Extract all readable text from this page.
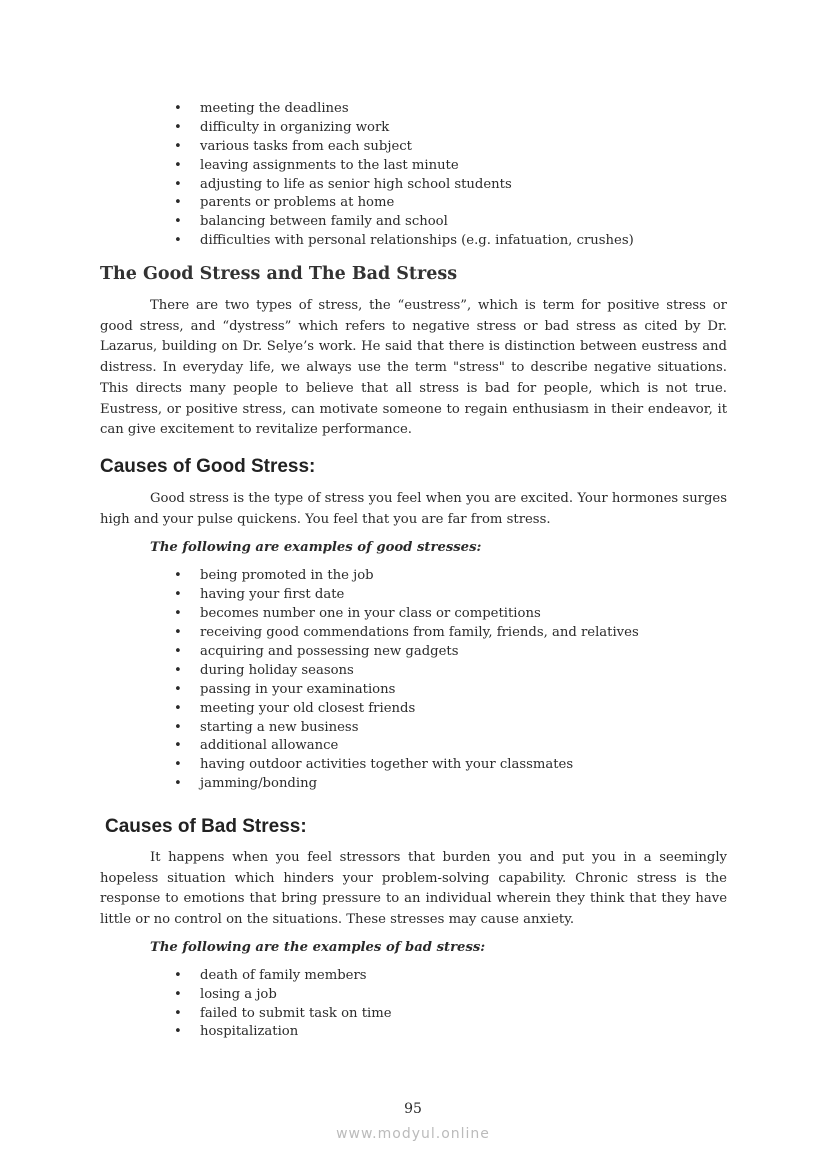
• meeting the deadlines
• difficulty in organizing work
• various tasks from each subject
• leaving assignments to the last minute
• adjusting to life as senior high school students
• parents or problems at home
• balancing between family and school
• difficulties with personal relationships (e.g. infatuation, crushes)
The Good Stress and The Bad Stress

There are two types of stress, the “eustress”, which is term for positive stress or good stress, and “dystress” which refers to negative stress or bad stress as cited by Dr. Lazarus, building on Dr. Selye’s work. He said that there is distinction between eustress and distress. In everyday life, we always use the term "stress" to describe negative situations. This directs many people to believe that all stress is bad for people, which is not true. Eustress, or positive stress, can motivate someone to regain enthusiasm in their endeavor, it can give excitement to revitalize performance.

Causes of Good Stress:

Good stress is the type of stress you feel when you are excited. Your hormones surges high and your pulse quickens. You feel that you are far from stress.

The following are examples of good stresses:
• being promoted in the job
• having your first date
• becomes number one in your class or competitions
• receiving good commendations from family, friends, and relatives
• acquiring and possessing new gadgets
• during holiday seasons
• passing in your examinations
• meeting your old closest friends
• starting a new business
• additional allowance
• having outdoor activities together with your classmates
• jamming/bonding
Causes of Bad Stress:

It happens when you feel stressors that burden you and put you in a seemingly hopeless situation which hinders your problem-solving capability. Chronic stress is the response to emotions that bring pressure to an individual wherein they think that they have little or no control on the situations. These stresses may cause anxiety.

The following are the examples of bad stress:
• death of family members
• losing a job
• failed to submit task on time
• hospitalization
95
www.modyul.online
